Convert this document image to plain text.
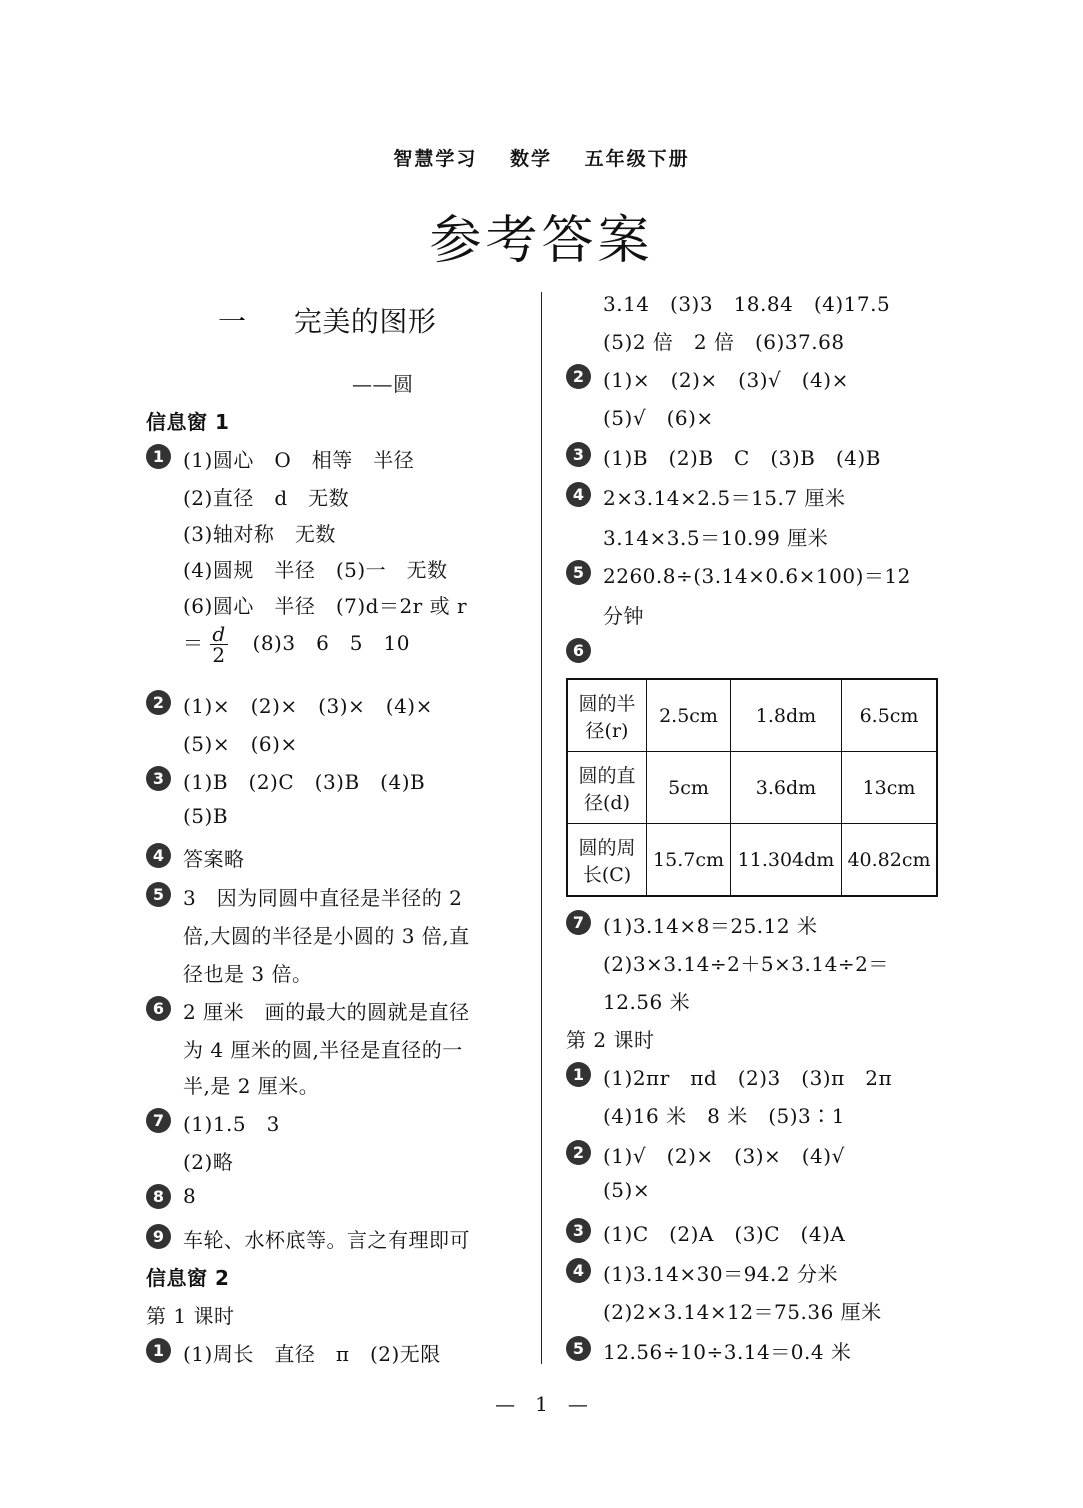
智慧学习 数学 五年级下册
参考答案
一 完美的图形
——圆
信息窗 1
1 (1)圆心　O　相等　半径
(2)直径　d　无数
(3)轴对称　无数
(4)圆规　半径　(5)一　无数
(6)圆心　半径　(7)d＝2r 或 r
＝ $\frac{d}{2} (8)3$　6　5　10
2 (1)×　(2)×　(3)×　(4)×
(5)×　(6)×
3 (1)B　(2)C　(3)B　(4)B
(5)B
4 答案略
5 3　因为同圆中直径是半径的 2
倍,大圆的半径是小圆的 3 倍,直
径也是 3 倍。
6 2 厘米　画的最大的圆就是直径
为 4 厘米的圆,半径是直径的一
半,是 2 厘米。
7 (1)1.5　3
(2)略
8 8
9 车轮、水杯底等。言之有理即可
信息窗 2
第 1 课时
1 (1)周长　直径　π　(2)无限
3.14　(3)3　18.84　(4)17.5
(5)2 倍　2 倍　(6)37.68
2 (1)×　(2)×　(3)√　(4)×
(5)√　(6)×
3 (1)B　(2)B　C　(3)B　(4)B
4 2×3.14×2.5＝15.7 厘米
3.14×3.5＝10.99 厘米
5 2260.8÷(3.14×0.6×100)＝12
分钟
6
圆的半
径(r)	2.5cm	1.8dm	6.5cm
圆的直
径(d)	5cm	3.6dm	13cm
圆的周
长(C)	15.7cm	11.304dm	40.82cm
7 (1)3.14×8＝25.12 米
(2)3×3.14÷2＋5×3.14÷2＝
12.56 米
第 2 课时
1 (1)2πr　πd　(2)3　(3)π　2π
(4)16 米　8 米　(5)3∶1
2 (1)√　(2)×　(3)×　(4)√
(5)×
3 (1)C　(2)A　(3)C　(4)A
4 (1)3.14×30＝94.2 分米
(2)2×3.14×12＝75.36 厘米
5 12.56÷10÷3.14＝0.4 米
—　1　—
